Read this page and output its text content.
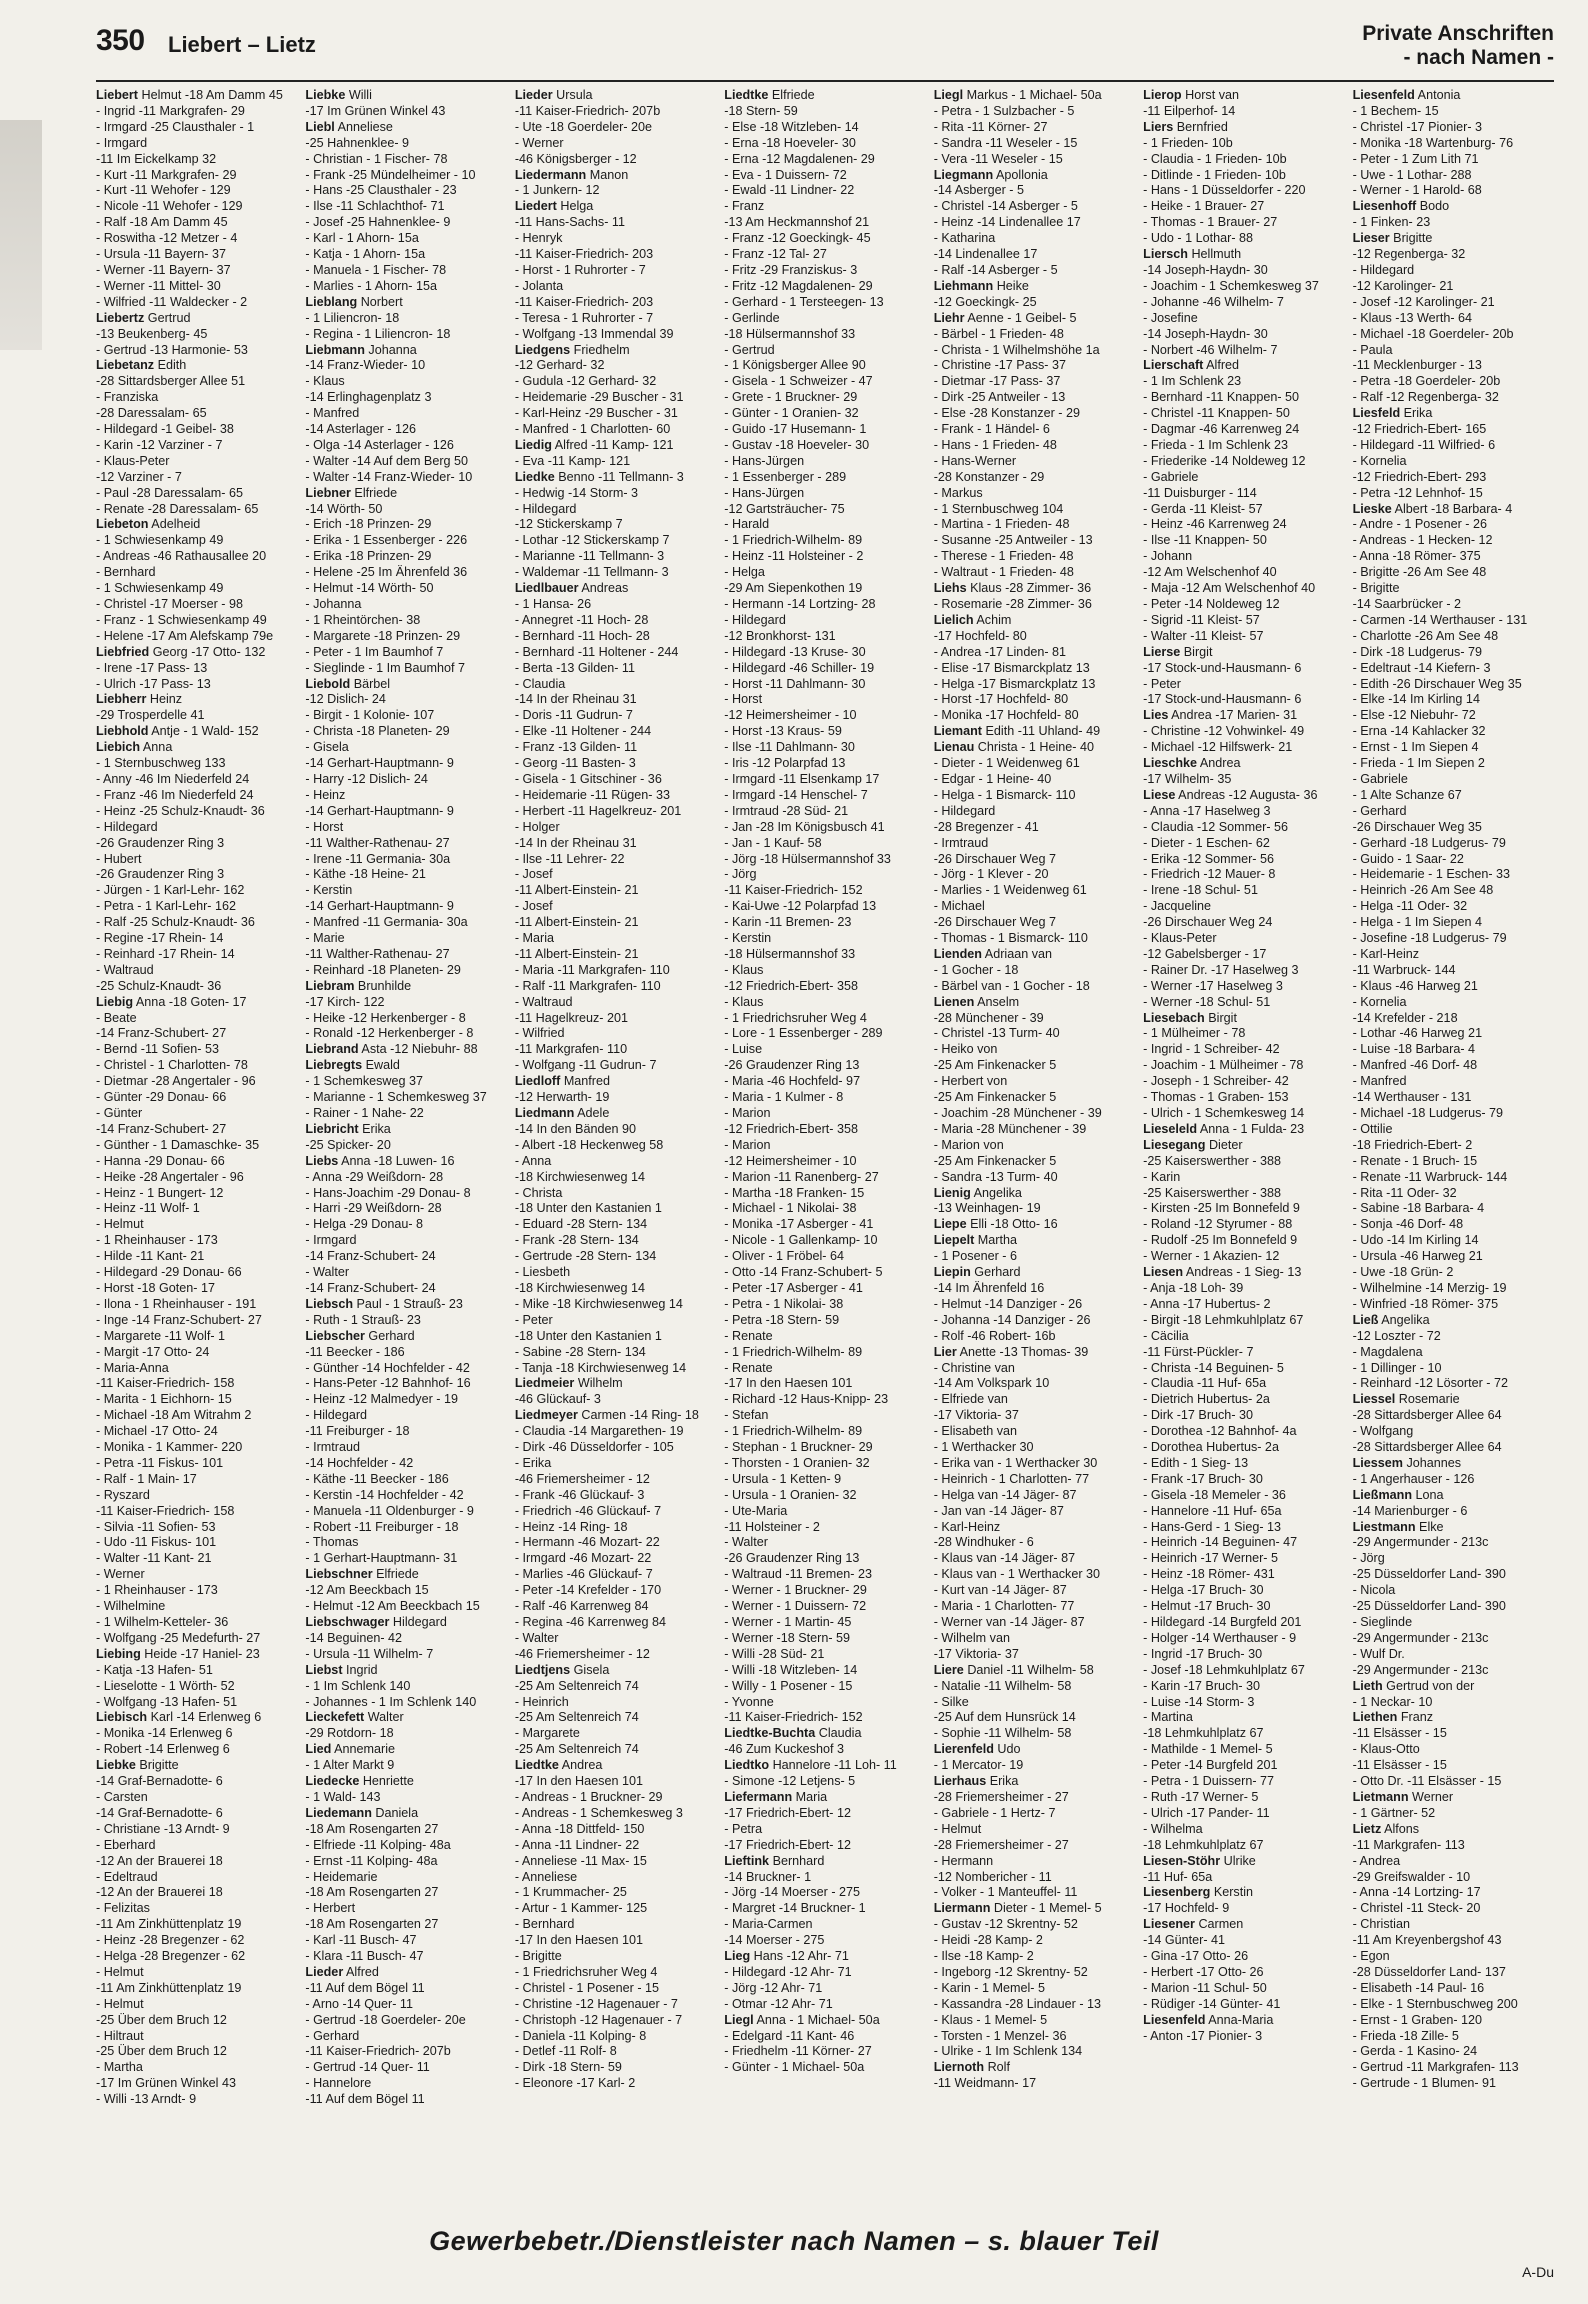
350 Liebert – Lietz	Private Anschriften
- nach Namen -
Liebert Helmut -18 Am Damm 45
- Ingrid -11 Markgrafen- 29
- Irmgard -25 Clausthaler - 1
- Irmgard
-11 Im Eickelkamp 32
- Kurt -11 Markgrafen- 29
- Kurt -11 Wehofer - 129
- Nicole -11 Wehofer - 129
- Ralf -18 Am Damm 45
- Roswitha -12 Metzer - 4
- Ursula -11 Bayern- 37
- Werner -11 Bayern- 37
- Werner -11 Mittel- 30
- Wilfried -11 Waldecker - 2
Liebertz Gertrud
-13 Beukenberg- 45
- Gertrud -13 Harmonie- 53
Liebetanz Edith
-28 Sittardsberger Allee 51
- Franziska
-28 Daressalam- 65
- Hildegard -1 Geibel- 38
- Karin -12 Varziner - 7
- Klaus-Peter
-12 Varziner - 7
- Paul -28 Daressalam- 65
- Renate -28 Daressalam- 65
Liebeton Adelheid
- 1 Schwiesenkamp 49
- Andreas -46 Rathausallee 20
- Bernhard
- 1 Schwiesenkamp 49
- Christel -17 Moerser - 98
- Franz - 1 Schwiesenkamp 49
- Helene -17 Am Alefskamp 79e
Liebfried Georg -17 Otto- 132
- Irene -17 Pass- 13
- Ulrich -17 Pass- 13
Liebherr Heinz
-29 Trosperdelle 41
Liebhold Antje - 1 Wald- 152
Liebich Anna
- 1 Sternbuschweg 133
- Anny -46 Im Niederfeld 24
- Franz -46 Im Niederfeld 24
- Heinz -25 Schulz-Knaudt- 36
- Hildegard
-26 Graudenzer Ring 3
- Hubert
-26 Graudenzer Ring 3
- Jürgen - 1 Karl-Lehr- 162
- Petra - 1 Karl-Lehr- 162
- Ralf -25 Schulz-Knaudt- 36
- Regine -17 Rhein- 14
- Reinhard -17 Rhein- 14
- Waltraud
-25 Schulz-Knaudt- 36
Liebig Anna -18 Goten- 17
- Beate
-14 Franz-Schubert- 27
- Bernd -11 Sofien- 53
- Christel - 1 Charlotten- 78
- Dietmar -28 Angertaler - 96
- Günter -29 Donau- 66
- Günter
-14 Franz-Schubert- 27
- Günther - 1 Damaschke- 35
- Hanna -29 Donau- 66
- Heike -28 Angertaler - 96
- Heinz - 1 Bungert- 12
- Heinz -11 Wolf- 1
- Helmut
- 1 Rheinhauser - 173
- Hilde -11 Kant- 21
- Hildegard -29 Donau- 66
- Horst -18 Goten- 17
- Ilona - 1 Rheinhauser - 191
- Inge -14 Franz-Schubert- 27
- Margarete -11 Wolf- 1
- Margit -17 Otto- 24
- Maria-Anna
-11 Kaiser-Friedrich- 158
- Marita - 1 Eichhorn- 15
- Michael -18 Am Witrahm 2
- Michael -17 Otto- 24
- Monika - 1 Kammer- 220
- Petra -11 Fiskus- 101
- Ralf - 1 Main- 17
- Ryszard
-11 Kaiser-Friedrich- 158
- Silvia -11 Sofien- 53
- Udo -11 Fiskus- 101
- Walter -11 Kant- 21
- Werner
- 1 Rheinhauser - 173
- Wilhelmine
- 1 Wilhelm-Ketteler- 36
- Wolfgang -25 Medefurth- 27
Liebing Heide -17 Haniel- 23
- Katja -13 Hafen- 51
- Lieselotte - 1 Wörth- 52
- Wolfgang -13 Hafen- 51
Liebisch Karl -14 Erlenweg 6
- Monika -14 Erlenweg 6
- Robert -14 Erlenweg 6
Liebke Brigitte
-14 Graf-Bernadotte- 6
- Carsten
-14 Graf-Bernadotte- 6
- Christiane -13 Arndt- 9
- Eberhard
-12 An der Brauerei 18
- Edeltraud
-12 An der Brauerei 18
- Felizitas
-11 Am Zinkhüttenplatz 19
- Heinz -28 Bregenzer - 62
- Helga -28 Bregenzer - 62
- Helmut
-11 Am Zinkhüttenplatz 19
- Helmut
-25 Über dem Bruch 12
- Hiltraut
-25 Über dem Bruch 12
- Martha
-17 Im Grünen Winkel 43
- Willi -13 Arndt- 9
Liebke Willi
-17 Im Grünen Winkel 43
Liebl Anneliese
-25 Hahnenklee- 9
- Christian - 1 Fischer- 78
- Frank -25 Mündelheimer - 10
- Hans -25 Clausthaler - 23
- Ilse -11 Schlachthof- 71
- Josef -25 Hahnenklee- 9
- Karl - 1 Ahorn- 15a
- Katja - 1 Ahorn- 15a
- Manuela - 1 Fischer- 78
- Marlies - 1 Ahorn- 15a
Lieblang Norbert
- 1 Liliencron- 18
- Regina - 1 Liliencron- 18
Liebmann Johanna
-14 Franz-Wieder- 10
- Klaus
-14 Erlinghagenplatz 3
- Manfred
-14 Asterlager - 126
- Olga -14 Asterlager - 126
- Walter -14 Auf dem Berg 50
- Walter -14 Franz-Wieder- 10
Liebner Elfriede
-14 Wörth- 50
- Erich -18 Prinzen- 29
- Erika - 1 Essenberger - 226
- Erika -18 Prinzen- 29
- Helene -25 Im Ährenfeld 36
- Helmut -14 Wörth- 50
- Johanna
- 1 Rheintörchen- 38
- Margarete -18 Prinzen- 29
- Peter - 1 Im Baumhof 7
- Sieglinde - 1 Im Baumhof 7
Liebold Bärbel
-12 Dislich- 24
- Birgit - 1 Kolonie- 107
- Christa -18 Planeten- 29
- Gisela
-14 Gerhart-Hauptmann- 9
- Harry -12 Dislich- 24
- Heinz
-14 Gerhart-Hauptmann- 9
- Horst
-11 Walther-Rathenau- 27
- Irene -11 Germania- 30a
- Käthe -18 Heine- 21
- Kerstin
-14 Gerhart-Hauptmann- 9
- Manfred -11 Germania- 30a
- Marie
-11 Walther-Rathenau- 27
- Reinhard -18 Planeten- 29
Liebram Brunhilde
-17 Kirch- 122
- Heike -12 Herkenberger - 8
- Ronald -12 Herkenberger - 8
Liebrand Asta -12 Niebuhr- 88
Liebregts Ewald
- 1 Schemkesweg 37
- Marianne - 1 Schemkesweg 37
- Rainer - 1 Nahe- 22
Liebricht Erika
-25 Spicker- 20
Liebs Anna -18 Luwen- 16
- Anna -29 Weißdorn- 28
- Hans-Joachim -29 Donau- 8
- Harri -29 Weißdorn- 28
- Helga -29 Donau- 8
- Irmgard
-14 Franz-Schubert- 24
- Walter
-14 Franz-Schubert- 24
Liebsch Paul - 1 Strauß- 23
- Ruth - 1 Strauß- 23
Liebscher Gerhard
-11 Beecker - 186
- Günther -14 Hochfelder - 42
- Hans-Peter -12 Bahnhof- 16
- Heinz -12 Malmedyer - 19
- Hildegard
-11 Freiburger - 18
- Irmtraud
-14 Hochfelder - 42
- Käthe -11 Beecker - 186
- Kerstin -14 Hochfelder - 42
- Manuela -11 Oldenburger - 9
- Robert -11 Freiburger - 18
- Thomas
- 1 Gerhart-Hauptmann- 31
Liebschner Elfriede
-12 Am Beeckbach 15
- Helmut -12 Am Beeckbach 15
Liebschwager Hildegard
-14 Beguinen- 42
- Ursula -11 Wilhelm- 7
Liebst Ingrid
- 1 Im Schlenk 140
- Johannes - 1 Im Schlenk 140
Lieckefett Walter
-29 Rotdorn- 18
Lied Annemarie
- 1 Alter Markt 9
Liedecke Henriette
- 1 Wald- 143
Liedemann Daniela
-18 Am Rosengarten 27
- Elfriede -11 Kolping- 48a
- Ernst -11 Kolping- 48a
- Heidemarie
-18 Am Rosengarten 27
- Herbert
-18 Am Rosengarten 27
- Karl -11 Busch- 47
- Klara -11 Busch- 47
Lieder Alfred
-11 Auf dem Bögel 11
- Arno -14 Quer- 11
- Gertrud -18 Goerdeler- 20e
- Gerhard
-11 Kaiser-Friedrich- 207b
- Gertrud -14 Quer- 11
- Hannelore
-11 Auf dem Bögel 11
Lieder Ursula
-11 Kaiser-Friedrich- 207b
- Ute -18 Goerdeler- 20e
- Werner
-46 Königsberger - 12
Liedermann Manon
- 1 Junkern- 12
Liedert Helga
-11 Hans-Sachs- 11
- Henryk
-11 Kaiser-Friedrich- 203
- Horst - 1 Ruhrorter - 7
- Jolanta
-11 Kaiser-Friedrich- 203
- Teresa - 1 Ruhrorter - 7
- Wolfgang -13 Immendal 39
Liedgens Friedhelm
-12 Gerhard- 32
- Gudula -12 Gerhard- 32
- Heidemarie -29 Buscher - 31
- Karl-Heinz -29 Buscher - 31
- Manfred - 1 Charlotten- 60
Liedig Alfred -11 Kamp- 121
- Eva -11 Kamp- 121
Liedke Benno -11 Tellmann- 3
- Hedwig -14 Storm- 3
- Hildegard
-12 Stickerskamp 7
- Lothar -12 Stickerskamp 7
- Marianne -11 Tellmann- 3
- Waldemar -11 Tellmann- 3
Liedlbauer Andreas
- 1 Hansa- 26
- Annegret -11 Hoch- 28
- Bernhard -11 Hoch- 28
- Bernhard -11 Holtener - 244
- Berta -13 Gilden- 11
- Claudia
-14 In der Rheinau 31
- Doris -11 Gudrun- 7
- Elke -11 Holtener - 244
- Franz -13 Gilden- 11
- Georg -11 Basten- 3
- Gisela - 1 Gitschiner - 36
- Heidemarie -11 Rügen- 33
- Herbert -11 Hagelkreuz- 201
- Holger
-14 In der Rheinau 31
- Ilse -11 Lehrer- 22
- Josef
-11 Albert-Einstein- 21
- Josef
-11 Albert-Einstein- 21
- Maria
-11 Albert-Einstein- 21
- Maria -11 Markgrafen- 110
- Ralf -11 Markgrafen- 110
- Waltraud
-11 Hagelkreuz- 201
- Wilfried
-11 Markgrafen- 110
- Wolfgang -11 Gudrun- 7
Liedloff Manfred
-12 Herwarth- 19
Liedmann Adele
-14 In den Bänden 90
- Albert -18 Heckenweg 58
- Anna
-18 Kirchwiesenweg 14
- Christa
-18 Unter den Kastanien 1
- Eduard -28 Stern- 134
- Frank -28 Stern- 134
- Gertrude -28 Stern- 134
- Liesbeth
-18 Kirchwiesenweg 14
- Mike -18 Kirchwiesenweg 14
- Peter
-18 Unter den Kastanien 1
- Sabine -28 Stern- 134
- Tanja -18 Kirchwiesenweg 14
Liedmeier Wilhelm
-46 Glückauf- 3
Liedmeyer Carmen -14 Ring- 18
- Claudia -14 Margarethen- 19
- Dirk -46 Düsseldorfer - 105
- Erika
-46 Friemersheimer - 12
- Frank -46 Glückauf- 3
- Friedrich -46 Glückauf- 7
- Heinz -14 Ring- 18
- Hermann -46 Mozart- 22
- Irmgard -46 Mozart- 22
- Marlies -46 Glückauf- 7
- Peter -14 Krefelder - 170
- Ralf -46 Karrenweg 84
- Regina -46 Karrenweg 84
- Walter
-46 Friemersheimer - 12
Liedtjens Gisela
-25 Am Seltenreich 74
- Heinrich
-25 Am Seltenreich 74
- Margarete
-25 Am Seltenreich 74
Liedtke Andrea
-17 In den Haesen 101
- Andreas - 1 Bruckner- 29
- Andreas - 1 Schemkesweg 3
- Anna -18 Dittfeld- 150
- Anna -11 Lindner- 22
- Anneliese -11 Max- 15
- Anneliese
- 1 Krummacher- 25
- Artur - 1 Kammer- 125
- Bernhard
-17 In den Haesen 101
- Brigitte
- 1 Friedrichsruher Weg 4
- Christel - 1 Posener - 15
- Christine -12 Hagenauer - 7
- Christoph -12 Hagenauer - 7
- Daniela -11 Kolping- 8
- Detlef -11 Rolf- 8
- Dirk -18 Stern- 59
- Eleonore -17 Karl- 2
Liedtke Elfriede
-18 Stern- 59
- Else -18 Witzleben- 14
- Erna -18 Hoeveler- 30
- Erna -12 Magdalenen- 29
- Eva - 1 Duissern- 72
- Ewald -11 Lindner- 22
- Franz
-13 Am Heckmannshof 21
- Franz -12 Goeckingk- 45
- Franz -12 Tal- 27
- Fritz -29 Franziskus- 3
- Fritz -12 Magdalenen- 29
- Gerhard - 1 Tersteegen- 13
- Gerlinde
-18 Hülsermannshof 33
- Gertrud
- 1 Königsberger Allee 90
- Gisela - 1 Schweizer - 47
- Grete - 1 Bruckner- 29
- Günter - 1 Oranien- 32
- Guido -17 Husemann- 1
- Gustav -18 Hoeveler- 30
- Hans-Jürgen
- 1 Essenberger - 289
- Hans-Jürgen
-12 Gartsträucher- 75
- Harald
- 1 Friedrich-Wilhelm- 89
- Heinz -11 Holsteiner - 2
- Helga
-29 Am Siepenkothen 19
- Hermann -14 Lortzing- 28
- Hildegard
-12 Bronkhorst- 131
- Hildegard -13 Kruse- 30
- Hildegard -46 Schiller- 19
- Horst -11 Dahlmann- 30
- Horst
-12 Heimersheimer - 10
- Horst -13 Kraus- 59
- Ilse -11 Dahlmann- 30
- Iris -12 Polarpfad 13
- Irmgard -11 Elsenkamp 17
- Irmgard -14 Henschel- 7
- Irmtraud -28 Süd- 21
- Jan -28 Im Königsbusch 41
- Jan - 1 Kauf- 58
- Jörg -18 Hülsermannshof 33
- Jörg
-11 Kaiser-Friedrich- 152
- Kai-Uwe -12 Polarpfad 13
- Karin -11 Bremen- 23
- Kerstin
-18 Hülsermannshof 33
- Klaus
-12 Friedrich-Ebert- 358
- Klaus
- 1 Friedrichsruher Weg 4
- Lore - 1 Essenberger - 289
- Luise
-26 Graudenzer Ring 13
- Maria -46 Hochfeld- 97
- Maria - 1 Kulmer - 8
- Marion
-12 Friedrich-Ebert- 358
- Marion
-12 Heimersheimer - 10
- Marion -11 Ranenberg- 27
- Martha -18 Franken- 15
- Michael - 1 Nikolai- 38
- Monika -17 Asberger - 41
- Nicole - 1 Gallenkamp- 10
- Oliver - 1 Fröbel- 64
- Otto -14 Franz-Schubert- 5
- Peter -17 Asberger - 41
- Petra - 1 Nikolai- 38
- Petra -18 Stern- 59
- Renate
- 1 Friedrich-Wilhelm- 89
- Renate
-17 In den Haesen 101
- Richard -12 Haus-Knipp- 23
- Stefan
- 1 Friedrich-Wilhelm- 89
- Stephan - 1 Bruckner- 29
- Thorsten - 1 Oranien- 32
- Ursula - 1 Ketten- 9
- Ursula - 1 Oranien- 32
- Ute-Maria
-11 Holsteiner - 2
- Walter
-26 Graudenzer Ring 13
- Waltraud -11 Bremen- 23
- Werner - 1 Bruckner- 29
- Werner - 1 Duissern- 72
- Werner - 1 Martin- 45
- Werner -18 Stern- 59
- Willi -28 Süd- 21
- Willi -18 Witzleben- 14
- Willy - 1 Posener - 15
- Yvonne
-11 Kaiser-Friedrich- 152
Liedtke-Buchta Claudia
-46 Zum Kuckeshof 3
Liedtko Hannelore -11 Loh- 11
- Simone -12 Letjens- 5
Liefermann Maria
-17 Friedrich-Ebert- 12
- Petra
-17 Friedrich-Ebert- 12
Lieftink Bernhard
-14 Bruckner- 1
- Jörg -14 Moerser - 275
- Margret -14 Bruckner- 1
- Maria-Carmen
-14 Moerser - 275
Lieg Hans -12 Ahr- 71
- Hildegard -12 Ahr- 71
- Jörg -12 Ahr- 71
- Otmar -12 Ahr- 71
Liegl Anna - 1 Michael- 50a
- Edelgard -11 Kant- 46
- Friedhelm -11 Körner- 27
- Günter - 1 Michael- 50a
Liegl Markus - 1 Michael- 50a
- Petra - 1 Sulzbacher - 5
- Rita -11 Körner- 27
- Sandra -11 Weseler - 15
- Vera -11 Weseler - 15
Liegmann Apollonia
-14 Asberger - 5
- Christel -14 Asberger - 5
- Heinz -14 Lindenallee 17
- Katharina
-14 Lindenallee 17
- Ralf -14 Asberger - 5
Liehmann Heike
-12 Goeckingk- 25
Liehr Aenne - 1 Geibel- 5
- Bärbel - 1 Frieden- 48
- Christa - 1 Wilhelmshöhe 1a
- Christine -17 Pass- 37
- Dietmar -17 Pass- 37
- Dirk -25 Antweiler - 13
- Else -28 Konstanzer - 29
- Frank - 1 Händel- 6
- Hans - 1 Frieden- 48
- Hans-Werner
-28 Konstanzer - 29
- Markus
- 1 Sternbuschweg 104
- Martina - 1 Frieden- 48
- Susanne -25 Antweiler - 13
- Therese - 1 Frieden- 48
- Waltraut - 1 Frieden- 48
Liehs Klaus -28 Zimmer- 36
- Rosemarie -28 Zimmer- 36
Lielich Achim
-17 Hochfeld- 80
- Andrea -17 Linden- 81
- Elise -17 Bismarckplatz 13
- Helga -17 Bismarckplatz 13
- Horst -17 Hochfeld- 80
- Monika -17 Hochfeld- 80
Liemant Edith -11 Uhland- 49
Lienau Christa - 1 Heine- 40
- Dieter - 1 Weidenweg 61
- Edgar - 1 Heine- 40
- Helga - 1 Bismarck- 110
- Hildegard
-28 Bregenzer - 41
- Irmtraud
-26 Dirschauer Weg 7
- Jörg - 1 Klever - 20
- Marlies - 1 Weidenweg 61
- Michael
-26 Dirschauer Weg 7
- Thomas - 1 Bismarck- 110
Lienden Adriaan van
- 1 Gocher - 18
- Bärbel van - 1 Gocher - 18
Lienen Anselm
-28 Münchener - 39
- Christel -13 Turm- 40
- Heiko von
-25 Am Finkenacker 5
- Herbert von
-25 Am Finkenacker 5
- Joachim -28 Münchener - 39
- Maria -28 Münchener - 39
- Marion von
-25 Am Finkenacker 5
- Sandra -13 Turm- 40
Lienig Angelika
-13 Weinhagen- 19
Liepe Elli -18 Otto- 16
Liepelt Martha
- 1 Posener - 6
Liepin Gerhard
-14 Im Ährenfeld 16
- Helmut -14 Danziger - 26
- Johanna -14 Danziger - 26
- Rolf -46 Robert- 16b
Lier Anette -13 Thomas- 39
- Christine van
-14 Am Volkspark 10
- Elfriede van
-17 Viktoria- 37
- Elisabeth van
- 1 Werthacker 30
- Erika van - 1 Werthacker 30
- Heinrich - 1 Charlotten- 77
- Helga van -14 Jäger- 87
- Jan van -14 Jäger- 87
- Karl-Heinz
-28 Windhuker - 6
- Klaus van -14 Jäger- 87
- Klaus van - 1 Werthacker 30
- Kurt van -14 Jäger- 87
- Maria - 1 Charlotten- 77
- Werner van -14 Jäger- 87
- Wilhelm van
-17 Viktoria- 37
Liere Daniel -11 Wilhelm- 58
- Natalie -11 Wilhelm- 58
- Silke
-25 Auf dem Hunsrück 14
- Sophie -11 Wilhelm- 58
Lierenfeld Udo
- 1 Mercator- 19
Lierhaus Erika
-28 Friemersheimer - 27
- Gabriele - 1 Hertz- 7
- Helmut
-28 Friemersheimer - 27
- Hermann
-12 Nombericher - 11
- Volker - 1 Manteuffel- 11
Liermann Dieter - 1 Memel- 5
- Gustav -12 Skrentny- 52
- Heidi -28 Kamp- 2
- Ilse -18 Kamp- 2
- Ingeborg -12 Skrentny- 52
- Karin - 1 Memel- 5
- Kassandra -28 Lindauer - 13
- Klaus - 1 Memel- 5
- Torsten - 1 Menzel- 36
- Ulrike - 1 Im Schlenk 134
Liernoth Rolf
-11 Weidmann- 17
Lierop Horst van
-11 Eilperhof- 14
Liers Bernfried
- 1 Frieden- 10b
- Claudia - 1 Frieden- 10b
- Ditlinde - 1 Frieden- 10b
- Hans - 1 Düsseldorfer - 220
- Heike - 1 Brauer- 27
- Thomas - 1 Brauer- 27
- Udo - 1 Lothar- 88
Liersch Hellmuth
-14 Joseph-Haydn- 30
- Joachim - 1 Schemkesweg 37
- Johanne -46 Wilhelm- 7
- Josefine
-14 Joseph-Haydn- 30
- Norbert -46 Wilhelm- 7
Lierschaft Alfred
- 1 Im Schlenk 23
- Bernhard -11 Knappen- 50
- Christel -11 Knappen- 50
- Dagmar -46 Karrenweg 24
- Frieda - 1 Im Schlenk 23
- Friederike -14 Noldeweg 12
- Gabriele
-11 Duisburger - 114
- Gerda -11 Kleist- 57
- Heinz -46 Karrenweg 24
- Ilse -11 Knappen- 50
- Johann
-12 Am Welschenhof 40
- Maja -12 Am Welschenhof 40
- Peter -14 Noldeweg 12
- Sigrid -11 Kleist- 57
- Walter -11 Kleist- 57
Lierse Birgit
-17 Stock-und-Hausmann- 6
- Peter
-17 Stock-und-Hausmann- 6
Lies Andrea -17 Marien- 31
- Christine -12 Vohwinkel- 49
- Michael -12 Hilfswerk- 21
Lieschke Andrea
-17 Wilhelm- 35
Liese Andreas -12 Augusta- 36
- Anna -17 Haselweg 3
- Claudia -12 Sommer- 56
- Dieter - 1 Eschen- 62
- Erika -12 Sommer- 56
- Friedrich -12 Mauer- 8
- Irene -18 Schul- 51
- Jacqueline
-26 Dirschauer Weg 24
- Klaus-Peter
-12 Gabelsberger - 17
- Rainer Dr. -17 Haselweg 3
- Werner -17 Haselweg 3
- Werner -18 Schul- 51
Liesebach Birgit
- 1 Mülheimer - 78
- Ingrid - 1 Schreiber- 42
- Joachim - 1 Mülheimer - 78
- Joseph - 1 Schreiber- 42
- Thomas - 1 Graben- 153
- Ulrich - 1 Schemkesweg 14
Lieseleld Anna - 1 Fulda- 23
Liesegang Dieter
-25 Kaiserswerther - 388
- Karin
-25 Kaiserswerther - 388
- Kirsten -25 Im Bonnefeld 9
- Roland -12 Styrumer - 88
- Rudolf -25 Im Bonnefeld 9
- Werner - 1 Akazien- 12
Liesen Andreas - 1 Sieg- 13
- Anja -18 Loh- 39
- Anna -17 Hubertus- 2
- Birgit -18 Lehmkuhlplatz 67
- Cäcilia
-11 Fürst-Pückler- 7
- Christa -14 Beguinen- 5
- Claudia -11 Huf- 65a
- Dietrich Hubertus- 2a
- Dirk -17 Bruch- 30
- Dorothea -12 Bahnhof- 4a
- Dorothea Hubertus- 2a
- Edith - 1 Sieg- 13
- Frank -17 Bruch- 30
- Gisela -18 Memeler - 36
- Hannelore -11 Huf- 65a
- Hans-Gerd - 1 Sieg- 13
- Heinrich -14 Beguinen- 47
- Heinrich -17 Werner- 5
- Heinz -18 Römer- 431
- Helga -17 Bruch- 30
- Helmut -17 Bruch- 30
- Hildegard -14 Burgfeld 201
- Holger -14 Werthauser - 9
- Ingrid -17 Bruch- 30
- Josef -18 Lehmkuhlplatz 67
- Karin -17 Bruch- 30
- Luise -14 Storm- 3
- Martina
-18 Lehmkuhlplatz 67
- Mathilde - 1 Memel- 5
- Peter -14 Burgfeld 201
- Petra - 1 Duissern- 77
- Ruth -17 Werner- 5
- Ulrich -17 Pander- 11
- Wilhelma
-18 Lehmkuhlplatz 67
Liesen-Stöhr Ulrike
-11 Huf- 65a
Liesenberg Kerstin
-17 Hochfeld- 9
Liesener Carmen
-14 Günter- 41
- Gina -17 Otto- 26
- Herbert -17 Otto- 26
- Marion -11 Schul- 50
- Rüdiger -14 Günter- 41
Liesenfeld Anna-Maria
- Anton -17 Pionier- 3
Liesenfeld Antonia
- 1 Bechem- 15
- Christel -17 Pionier- 3
- Monika -18 Wartenburg- 76
- Peter - 1 Zum Lith 71
- Uwe - 1 Lothar- 288
- Werner - 1 Harold- 68
Liesenhoff Bodo
- 1 Finken- 23
Lieser Brigitte
-12 Regenberga- 32
- Hildegard
-12 Karolinger- 21
- Josef -12 Karolinger- 21
- Klaus -13 Werth- 64
- Michael -18 Goerdeler- 20b
- Paula
-11 Mecklenburger - 13
- Petra -18 Goerdeler- 20b
- Ralf -12 Regenberga- 32
Liesfeld Erika
-12 Friedrich-Ebert- 165
- Hildegard -11 Wilfried- 6
- Kornelia
-12 Friedrich-Ebert- 293
- Petra -12 Lehnhof- 15
Lieske Albert -18 Barbara- 4
- Andre - 1 Posener - 26
- Andreas - 1 Hecken- 12
- Anna -18 Römer- 375
- Brigitte -26 Am See 48
- Brigitte
-14 Saarbrücker - 2
- Carmen -14 Werthauser - 131
- Charlotte -26 Am See 48
- Dirk -18 Ludgerus- 79
- Edeltraut -14 Kiefern- 3
- Edith -26 Dirschauer Weg 35
- Elke -14 Im Kirling 14
- Else -12 Niebuhr- 72
- Erna -14 Kahlacker 32
- Ernst - 1 Im Siepen 4
- Frieda - 1 Im Siepen 2
- Gabriele
- 1 Alte Schanze 67
- Gerhard
-26 Dirschauer Weg 35
- Gerhard -18 Ludgerus- 79
- Guido - 1 Saar- 22
- Heidemarie - 1 Eschen- 33
- Heinrich -26 Am See 48
- Helga -11 Oder- 32
- Helga - 1 Im Siepen 4
- Josefine -18 Ludgerus- 79
- Karl-Heinz
-11 Warbruck- 144
- Klaus -46 Harweg 21
- Kornelia
-14 Krefelder - 218
- Lothar -46 Harweg 21
- Luise -18 Barbara- 4
- Manfred -46 Dorf- 48
- Manfred
-14 Werthauser - 131
- Michael -18 Ludgerus- 79
- Ottilie
-18 Friedrich-Ebert- 2
- Renate - 1 Bruch- 15
- Renate -11 Warbruck- 144
- Rita -11 Oder- 32
- Sabine -18 Barbara- 4
- Sonja -46 Dorf- 48
- Udo -14 Im Kirling 14
- Ursula -46 Harweg 21
- Uwe -18 Grün- 2
- Wilhelmine -14 Merzig- 19
- Winfried -18 Römer- 375
Ließ Angelika
-12 Loszter - 72
- Magdalena
- 1 Dillinger - 10
- Reinhard -12 Lösorter - 72
Liessel Rosemarie
-28 Sittardsberger Allee 64
- Wolfgang
-28 Sittardsberger Allee 64
Liessem Johannes
- 1 Angerhauser - 126
Ließmann Lona
-14 Marienburger - 6
Liestmann Elke
-29 Angermunder - 213c
- Jörg
-25 Düsseldorfer Land- 390
- Nicola
-25 Düsseldorfer Land- 390
- Sieglinde
-29 Angermunder - 213c
- Wulf Dr.
-29 Angermunder - 213c
Lieth Gertrud von der
- 1 Neckar- 10
Liethen Franz
-11 Elsässer - 15
- Klaus-Otto
-11 Elsässer - 15
- Otto Dr. -11 Elsässer - 15
Lietmann Werner
- 1 Gärtner- 52
Lietz Alfons
-11 Markgrafen- 113
- Andrea
-29 Greifswalder - 10
- Anna -14 Lortzing- 17
- Christel -11 Steck- 20
- Christian
-11 Am Kreyenbergshof 43
- Egon
-28 Düsseldorfer Land- 137
- Elisabeth -14 Paul- 16
- Elke - 1 Sternbuschweg 200
- Ernst - 1 Graben- 120
- Frieda -18 Zille- 5
- Gerda - 1 Kasino- 24
- Gertrud -11 Markgrafen- 113
- Gertrude - 1 Blumen- 91
Gewerbebetr./Dienstleister nach Namen – s. blauer Teil
A-Du
